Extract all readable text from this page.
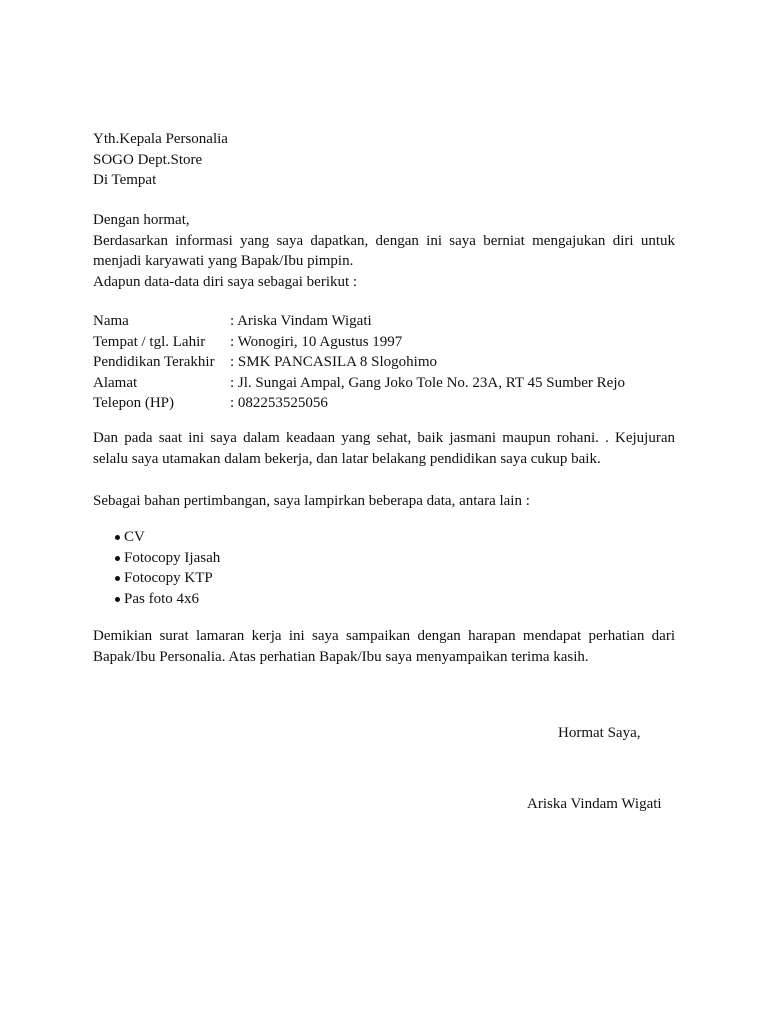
Yth.Kepala Personalia
SOGO Dept.Store
Di Tempat
Dengan hormat,

Berdasarkan informasi yang saya dapatkan, dengan ini saya berniat mengajukan diri untuk menjadi karyawati yang Bapak/Ibu pimpin.

Adapun data-data diri saya sebagai berikut :
Nama	: Ariska Vindam Wigati
Tempat / tgl. Lahir	: Wonogiri, 10 Agustus 1997
Pendidikan Terakhir	: SMK PANCASILA 8 Slogohimo
Alamat	: Jl. Sungai Ampal, Gang Joko Tole No. 23A, RT 45 Sumber Rejo
Telepon (HP)	: 082253525056
Dan pada saat ini saya dalam keadaan yang sehat, baik jasmani maupun rohani. . Kejujuran selalu saya utamakan dalam bekerja, dan latar belakang pendidikan saya cukup baik.
Sebagai bahan pertimbangan, saya lampirkan beberapa data, antara lain :
CV
Fotocopy Ijasah
Fotocopy KTP
Pas foto 4x6
Demikian surat lamaran kerja ini saya sampaikan dengan harapan mendapat perhatian dari Bapak/Ibu Personalia. Atas perhatian Bapak/Ibu saya menyampaikan terima kasih.
Hormat Saya,
Ariska Vindam Wigati
